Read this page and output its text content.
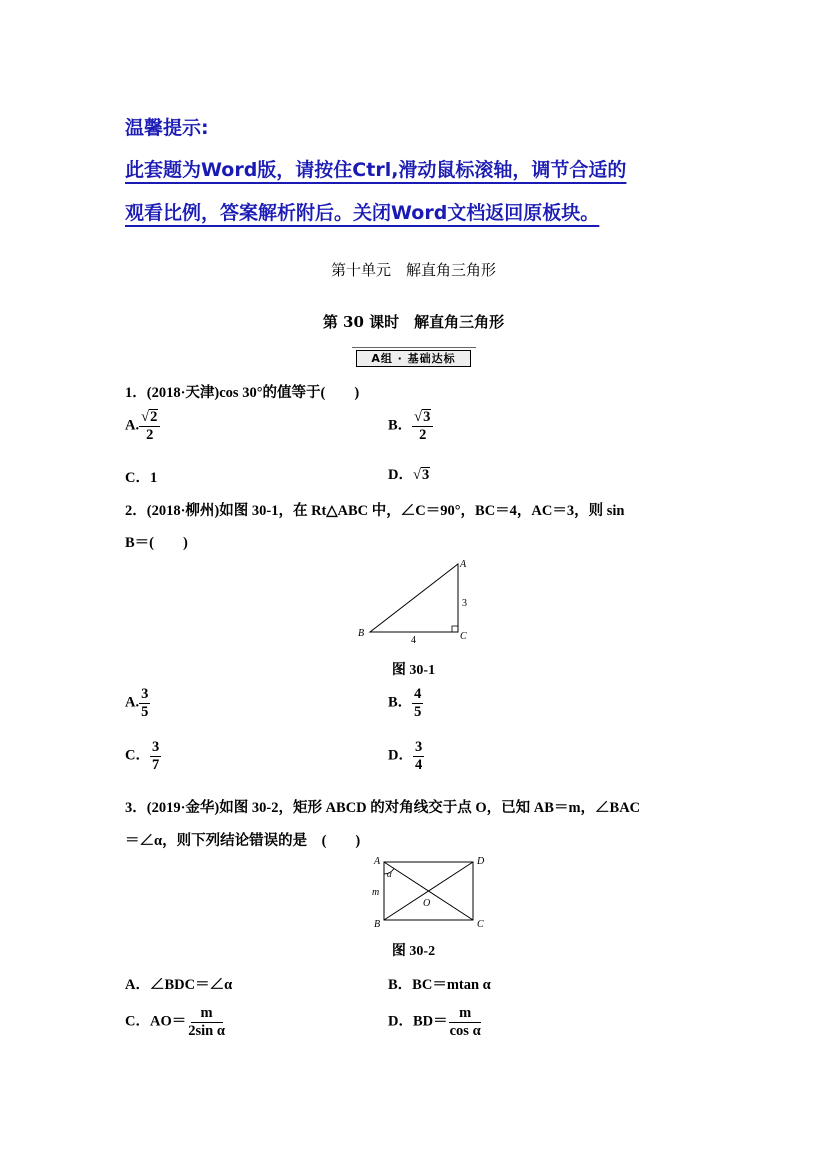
温馨提示:
此套题为Word版，请按住Ctrl,滑动鼠标滚轴，调节合适的
观看比例，答案解析附后。关闭Word文档返回原板块。
第十单元　解直角三角形
第 30 课时　解直角三角形
A组 · 基础达标
1．(2018·天津)cos 30°的值等于(　　)
A. $\frac{√ 2}{2}$	B． $\frac{√ 3}{2}$
C．1	D． √ 3
2．(2018·柳州)如图 30-1，在 Rt△ABC 中，∠C＝90°，BC＝4，AC＝3，则 sin
B＝(　　)
A
B	C
3
4
图 30-1
A. $\frac{3}{5}$	B． $\frac{4}{5}$
C． $\frac{3}{7}$	D． $\frac{3}{4}$
3．(2019·金华)如图 30-2，矩形 ABCD 的对角线交于点 O，已知 AB＝m，∠BAC
＝∠α，则下列结论错误的是　(　　)
A	D
B	C
O
m
α
图 30-2
A．∠BDC＝∠α	B．BC＝mtan α
C．$AO= \frac{m}{\text{2sin α}}$	D．$BD= \frac{m}{\text{cos α}}$
